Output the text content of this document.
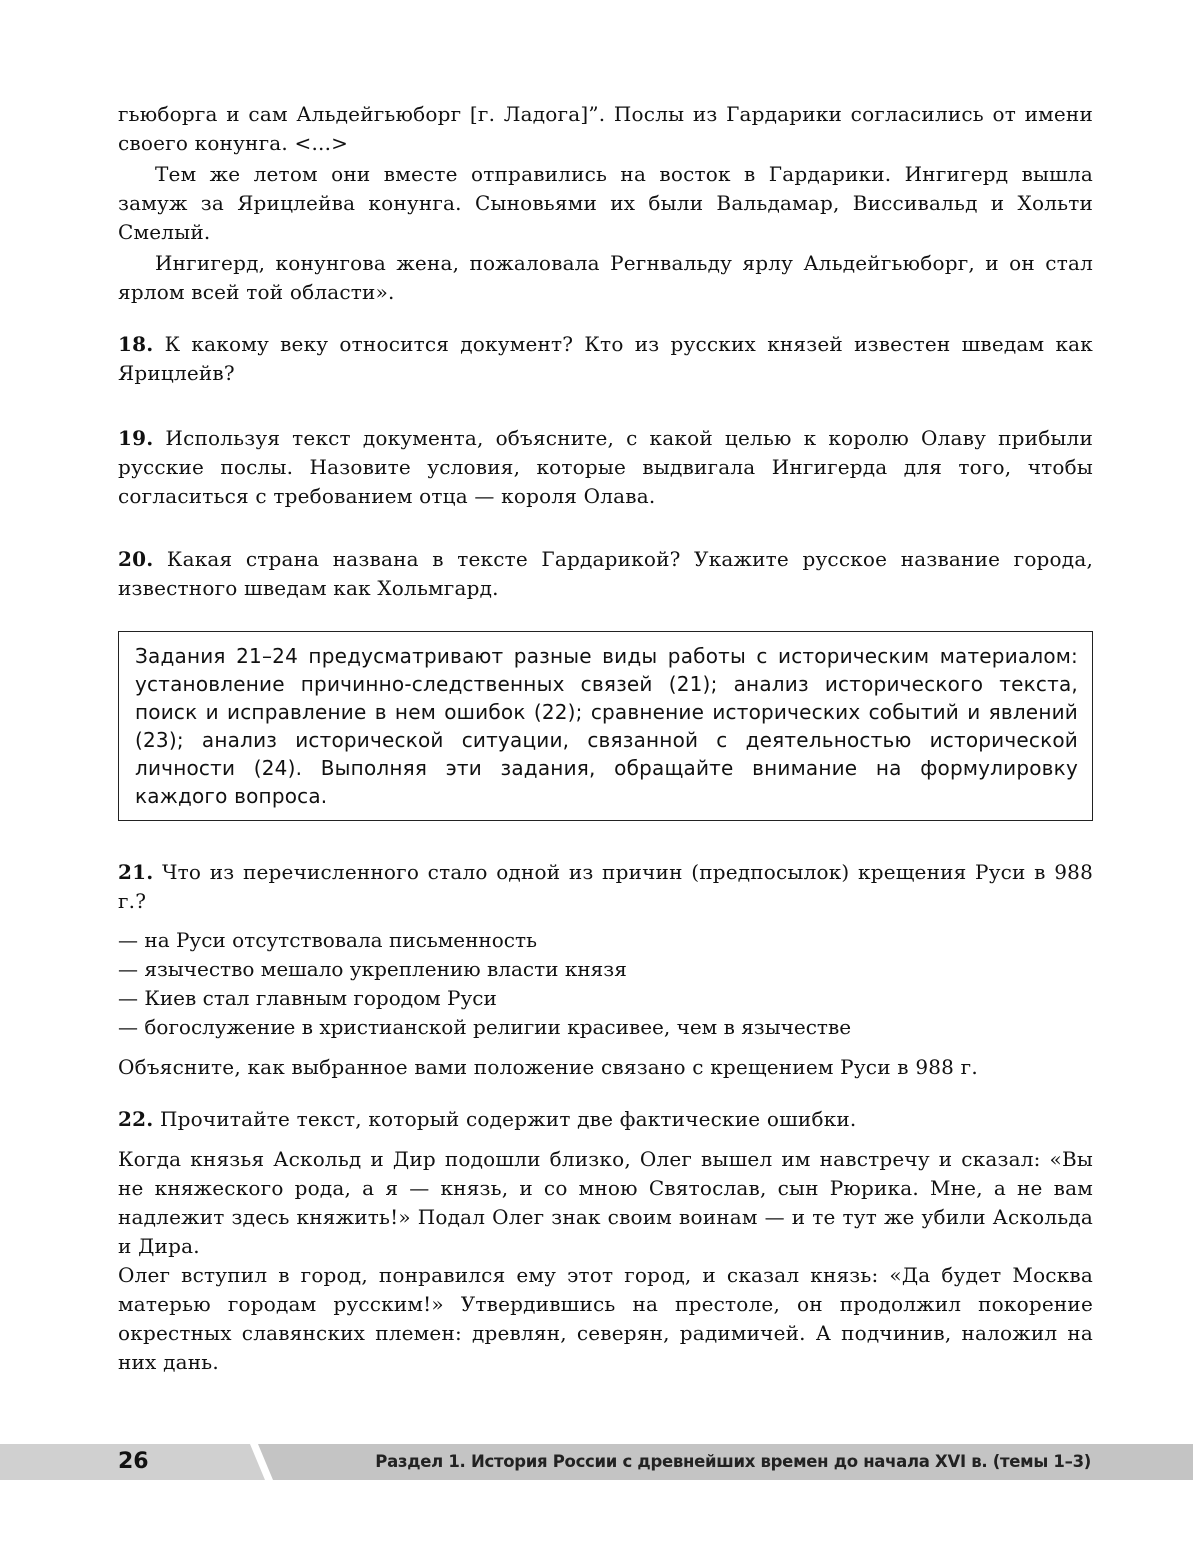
гьюборга и сам Альдейгьюборг [г. Ладога]”. Послы из Гардарики согласились от имени своего конунга. <...>

Тем же летом они вместе отправились на восток в Гардарики. Ингигерд вышла замуж за Ярицлейва конунга. Сыновьями их были Вальдамар, Виссивальд и Хольти Смелый.

Ингигерд, конунгова жена, пожаловала Регнвальду ярлу Альдейгьюборг, и он стал ярлом всей той области».

18. К какому веку относится документ? Кто из русских князей известен шведам как Ярицлейв?

19. Используя текст документа, объясните, с какой целью к королю Олаву прибыли русские послы. Назовите условия, которые выдвигала Ингигерда для того, чтобы согласиться с требованием отца — короля Олава.

20. Какая страна названа в тексте Гардарикой? Укажите русское название города, известного шведам как Хольмгард.

Задания 21–24 предусматривают разные виды работы с историческим материалом: установление причинно-следственных связей (21); анализ исторического текста, поиск и исправление в нем ошибок (22); сравнение исторических событий и явлений (23); анализ исторической ситуации, связанной с деятельностью исторической личности (24). Выполняя эти задания, обращайте внимание на формулировку каждого вопроса.

21. Что из перечисленного стало одной из причин (предпосылок) крещения Руси в 988 г.?

— на Руси отсутствовала письменность
— язычество мешало укреплению власти князя
— Киев стал главным городом Руси
— богослужение в христианской религии красивее, чем в язычестве

Объясните, как выбранное вами положение связано с крещением Руси в 988 г.

22. Прочитайте текст, который содержит две фактические ошибки.

Когда князья Аскольд и Дир подошли близко, Олег вышел им навстречу и сказал: «Вы не княжеского рода, а я — князь, и со мною Святослав, сын Рюрика. Мне, а не вам надлежит здесь княжить!» Подал Олег знак своим воинам — и те тут же убили Аскольда и Дира.

Олег вступил в город, понравился ему этот город, и сказал князь: «Да будет Москва матерью городам русским!» Утвердившись на престоле, он продолжил покорение окрестных славянских племен: древлян, северян, радимичей. А подчинив, наложил на них дань.

26	Раздел 1. История России с древнейших времен до начала XVI в. (темы 1–3)
